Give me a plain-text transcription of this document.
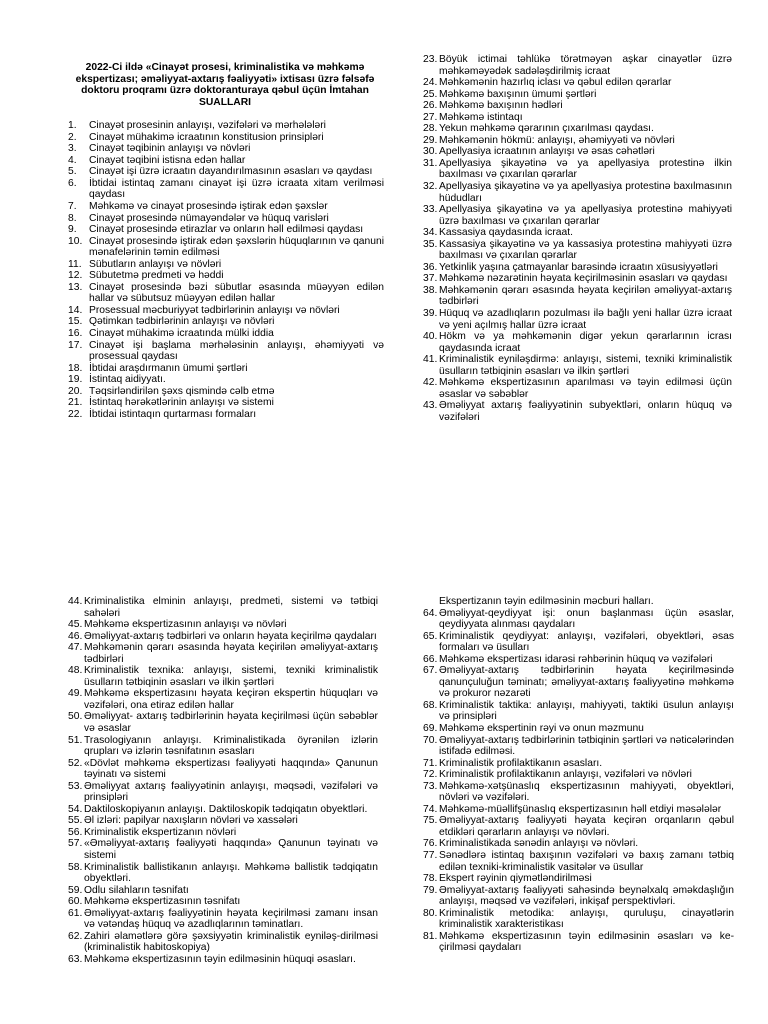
2022-Ci ildə «Cinayət prosesi, kriminalistika və məhkəmə ekspertizası; əməliyyat-axtarış fəaliyyəti» ixtisası üzrə fəlsəfə doktoru proqramı üzrə doktoranturaya qəbul üçün İmtahan SUALLARI
1.	Cinayət prosesinin anlayışı, vəzifələri və mərhələləri
2.	Cinayət mühakimə icraatının konstitusion prinsipləri
3.	Cinayət təqibinin anlayışı və növləri
4.	Cinayət təqibini istisna edən hallar
5.	Cinayət işi üzrə icraatın dayandırılmasının əsasları və qaydası
6.	İbtidai istintaq zamanı cinayət işi üzrə icraata xitam verilməsi qaydası
7.	Məhkəmə və cinayət prosesində iştirak edən şəxslər
8.	Cinayət prosesində nümayəndələr və hüquq varisləri
9.	Cinayət prosesində etirazlar və onların həll edilməsi qaydası
10. Cinayət prosesində iştirak edən şəxslərin hüquqlarının və qanuni mənafelərinin təmin edilməsi
11. Sübutların anlayışı və növləri
12. Sübutetmə predmeti və həddi
13. Cinayət prosesində bəzi sübutlar əsasında müəyyən edilən hallar və sübutsuz müəyyən edilən hallar
14. Prosessual məcburiyyət tədbirlərinin anlayışı və növləri
15. Qətimkan tədbirlərinin anlayışı və növləri
16. Cinayət mühakimə icraatında mülki iddia
17. Cinayət işi başlama mərhələsinin anlayışı, əhəmiyyəti və prosessual qaydası
18. İbtidai araşdırmanın ümumi şərtləri
19. İstintaq aidiyyatı.
20. Təqsirləndirilən şəxs qismində cəlb etmə
21. İstintaq hərəkətlərinin anlayışı və sistemi
22. İbtidai istintaqın qurtarması formaları
23. Böyük ictimai təhlükə törətməyən aşkar cinayətlər üzrə məhkəməyədək sadələşdirilmiş icraat
24. Məhkəmənin hazırlıq iclası və qəbul edilən qərarlar
25. Məhkəmə baxışının ümumi şərtləri
26. Məhkəmə baxışının hədləri
27. Məhkəmə istintaqı
28. Yekun məhkəmə qərarının çıxarılması qaydası.
29. Məhkəmənin hökmü: anlayışı, əhəmiyyəti və növləri
30. Apellyasiya icraatının anlayışı və əsas cəhətləri
31. Apellyasiya şikayətinə və ya apellyasiya protestinə ilkin baxılması və çıxarılan qərarlar
32. Apellyasiya şikayətinə və ya apellyasiya protestinə baxılmasının hüdudları
33. Apellyasiya şikayətinə və ya apellyasiya protestinə mahiyyəti üzrə baxılması və çıxarılan qərarlar
34. Kassasiya qaydasında icraat.
35. Kassasiya şikayətinə və ya kassasiya protestinə mahiyyəti üzrə baxılması və çıxarılan qərarlar
36. Yetkinlik yaşına çatmayanlar barəsində icraatın xüsusiyyətləri
37. Məhkəmə nəzarətinin həyata keçirilməsinin əsasları və qaydası
38. Məhkəmənin qərarı əsasında həyata keçirilən əməliyyat-axtarış tədbirləri
39. Hüquq və azadlıqların pozulması ilə bağlı yeni hallar üzrə icraat və yeni açılmış hallar üzrə icraat
40. Hökm və ya məhkəmənin digər yekun qərarlarının icrası qaydasında icraat
41. Kriminalistik eyniləşdirmə: anlayışı, sistemi, texniki kriminalistik üsulların tətbiqinin əsasları və ilkin şərtləri
42. Məhkəmə ekspertizasının aparılması və təyin edilməsi üçün əsaslar və səbəblər
43. Əməliyyat axtarış fəaliyyətinin subyektləri, onların hüquq və vəzifələri
44. Kriminalistika elminin anlayışı, predmeti, sistemi və tətbiqi sahələri
45. Məhkəmə ekspertizasının anlayışı və növləri
46. Əməliyyat-axtarış tədbirləri və onların həyata keçirilmə qaydaları
47. Məhkəmənin qərarı əsasında həyata keçirilən əməliyyat-axtarış tədbirləri
48. Kriminalistik texnika: anlayışı, sistemi, texniki kriminalistik üsulların tətbiqinin əsasları və ilkin şərtləri
49. Məhkəmə ekspertizasını həyata keçirən ekspertin hüquqları və vəzifələri, ona etiraz edilən hallar
50. Əməliyyat- axtarış tədbirlərinin həyata keçirilməsi üçün səbəblər və əsaslar
51. Trasologiyanın anlayışı. Kriminalistikada öyrənilən izlərin qrupları və izlərin təsnifatının əsasları
52. «Dövlət məhkəmə ekspertizası fəaliyyəti haqqında» Qanunun təyinatı və sistemi
53. Əməliyyat axtarış fəaliyyətinin anlayışı, məqsədi, vəzifələri və prinsipləri
54. Daktiloskopiyanın anlayışı. Daktiloskopik tədqiqatın obyektləri.
55. Əl izləri: papilyar naxışların növləri və xassələri
56. Kriminalistik ekspertizanın növləri
57. «Əməliyyat-axtarış fəaliyyəti haqqında» Qanunun təyinatı və sistemi
58. Kriminalistik ballistikanın anlayışı. Məhkəmə ballistik tədqiqatın obyektləri.
59. Odlu silahların təsnifatı
60. Məhkəmə ekspertizasının təsnifatı
61. Əməliyyat-axtarış fəaliyyətinin həyata keçirilməsi zamanı insan və vətəndaş hüquq və azadlıqlarının təminatları.
62. Zahiri əlamətlərə görə şəxsiyyətin kriminalistik eyniləş-dirilməsi (kriminalistik habitoskopiya)
63. Məhkəmə ekspertizasının təyin edilməsinin hüquqi əsasları.
Ekspertizanın təyin edilməsinin məcburi halları.
64. Əməliyyat-qeydiyyat işi: onun başlanması üçün əsaslar, qeydiyyata alınması qaydaları
65. Kriminalistik qeydiyyat: anlayışı, vəzifələri, obyektləri, əsas formaları və üsulları
66. Məhkəmə ekspertizası idarəsi rəhbərinin hüquq və vəzifələri
67. Əməliyyat-axtarış tədbirlərinin həyata keçirilməsində qanunçuluğun təminatı; əməliyyat-axtarış fəaliyyətinə məhkəmə və prokuror nəzarəti
68. Kriminalistik taktika: anlayışı, mahiyyəti, taktiki üsulun anlayışı və prinsipləri
69. Məhkəmə ekspertinin rəyi və onun məzmunu
70. Əməliyyat-axtarış tədbirlərinin tətbiqinin şərtləri və nəticələrindən istifadə edilməsi.
71. Kriminalistik profilaktikanın əsasları.
72. Kriminalistik profilaktikanın anlayışı, vəzifələri və növləri
73. Məhkəmə-xətşünaslıq ekspertizasının mahiyyəti, obyektləri, növləri və vəzifələri.
74. Məhkəmə-müəllifşünaslıq ekspertizasının həll etdiyi məsələlər
75. Əməliyyat-axtarış fəaliyyəti həyata keçirən orqanların qəbul etdikləri qərarların anlayışı və növləri.
76. Kriminalistikada sənədin anlayışı və növləri.
77. Sənədlərə istintaq baxışının vəzifələri və baxış zamanı tətbiq edilən texniki-kriminalistik vasitələr və üsullar
78. Ekspert rəyinin qiymətləndirilməsi
79. Əməliyyat-axtarış fəaliyyəti sahəsində beynəlxalq əməkdaşlığın anlayışı, məqsəd və vəzifələri, inkişaf perspektivləri.
80. Kriminalistik metodika: anlayışı, quruluşu, cinayətlərin kriminalistik xarakteristikası
81. Məhkəmə ekspertizasının təyin edilməsinin əsasları və ke-çirilməsi qaydaları
